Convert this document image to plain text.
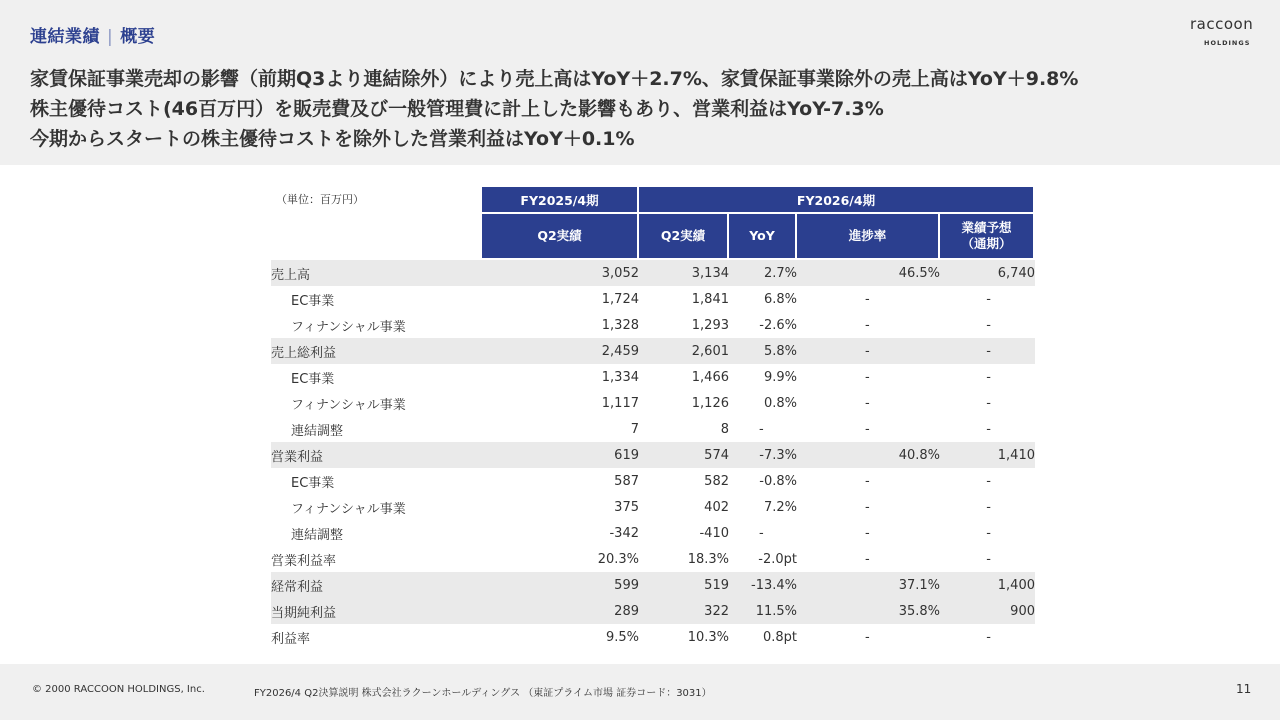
連結業績 | 概要
raccoon
HOLDINGS
家賃保証事業売却の影響（前期Q3より連結除外）により売上高はYoY＋2.7%、家賃保証事業除外の売上高はYoY＋9.8%
株主優待コスト(46百万円）を販売費及び一般管理費に計上した影響もあり、営業利益はYoY-7.3%
今期からスタートの株主優待コストを除外した営業利益はYoY＋0.1%
（単位：百万円）
		FY2025/4期	FY2026/4期			
	Q2実績	Q2実績	YoY	進捗率	業績予想
（通期）
売上高	3,052	3,134	2.7%	46.5%	6,740
EC事業	1,724	1,841	6.8%	-	-
フィナンシャル事業	1,328	1,293	-2.6%	-	-
売上総利益	2,459	2,601	5.8%	-	-
EC事業	1,334	1,466	9.9%	-	-
フィナンシャル事業	1,117	1,126	0.8%	-	-
連結調整	7	8	-	-	-
営業利益	619	574	-7.3%	40.8%	1,410
EC事業	587	582	-0.8%	-	-
フィナンシャル事業	375	402	7.2%	-	-
連結調整	-342	-410	-	-	-
営業利益率	20.3%	18.3%	-2.0pt	-	-
経常利益	599	519	-13.4%	37.1%	1,400
当期純利益	289	322	11.5%	35.8%	900
利益率	9.5%	10.3%	0.8pt	-	-
© 2000 RACCOON HOLDINGS, Inc.	FY2026/4 Q2決算説明 株式会社ラクーンホールディングス （東証プライム市場 証券コード：3031）	11
